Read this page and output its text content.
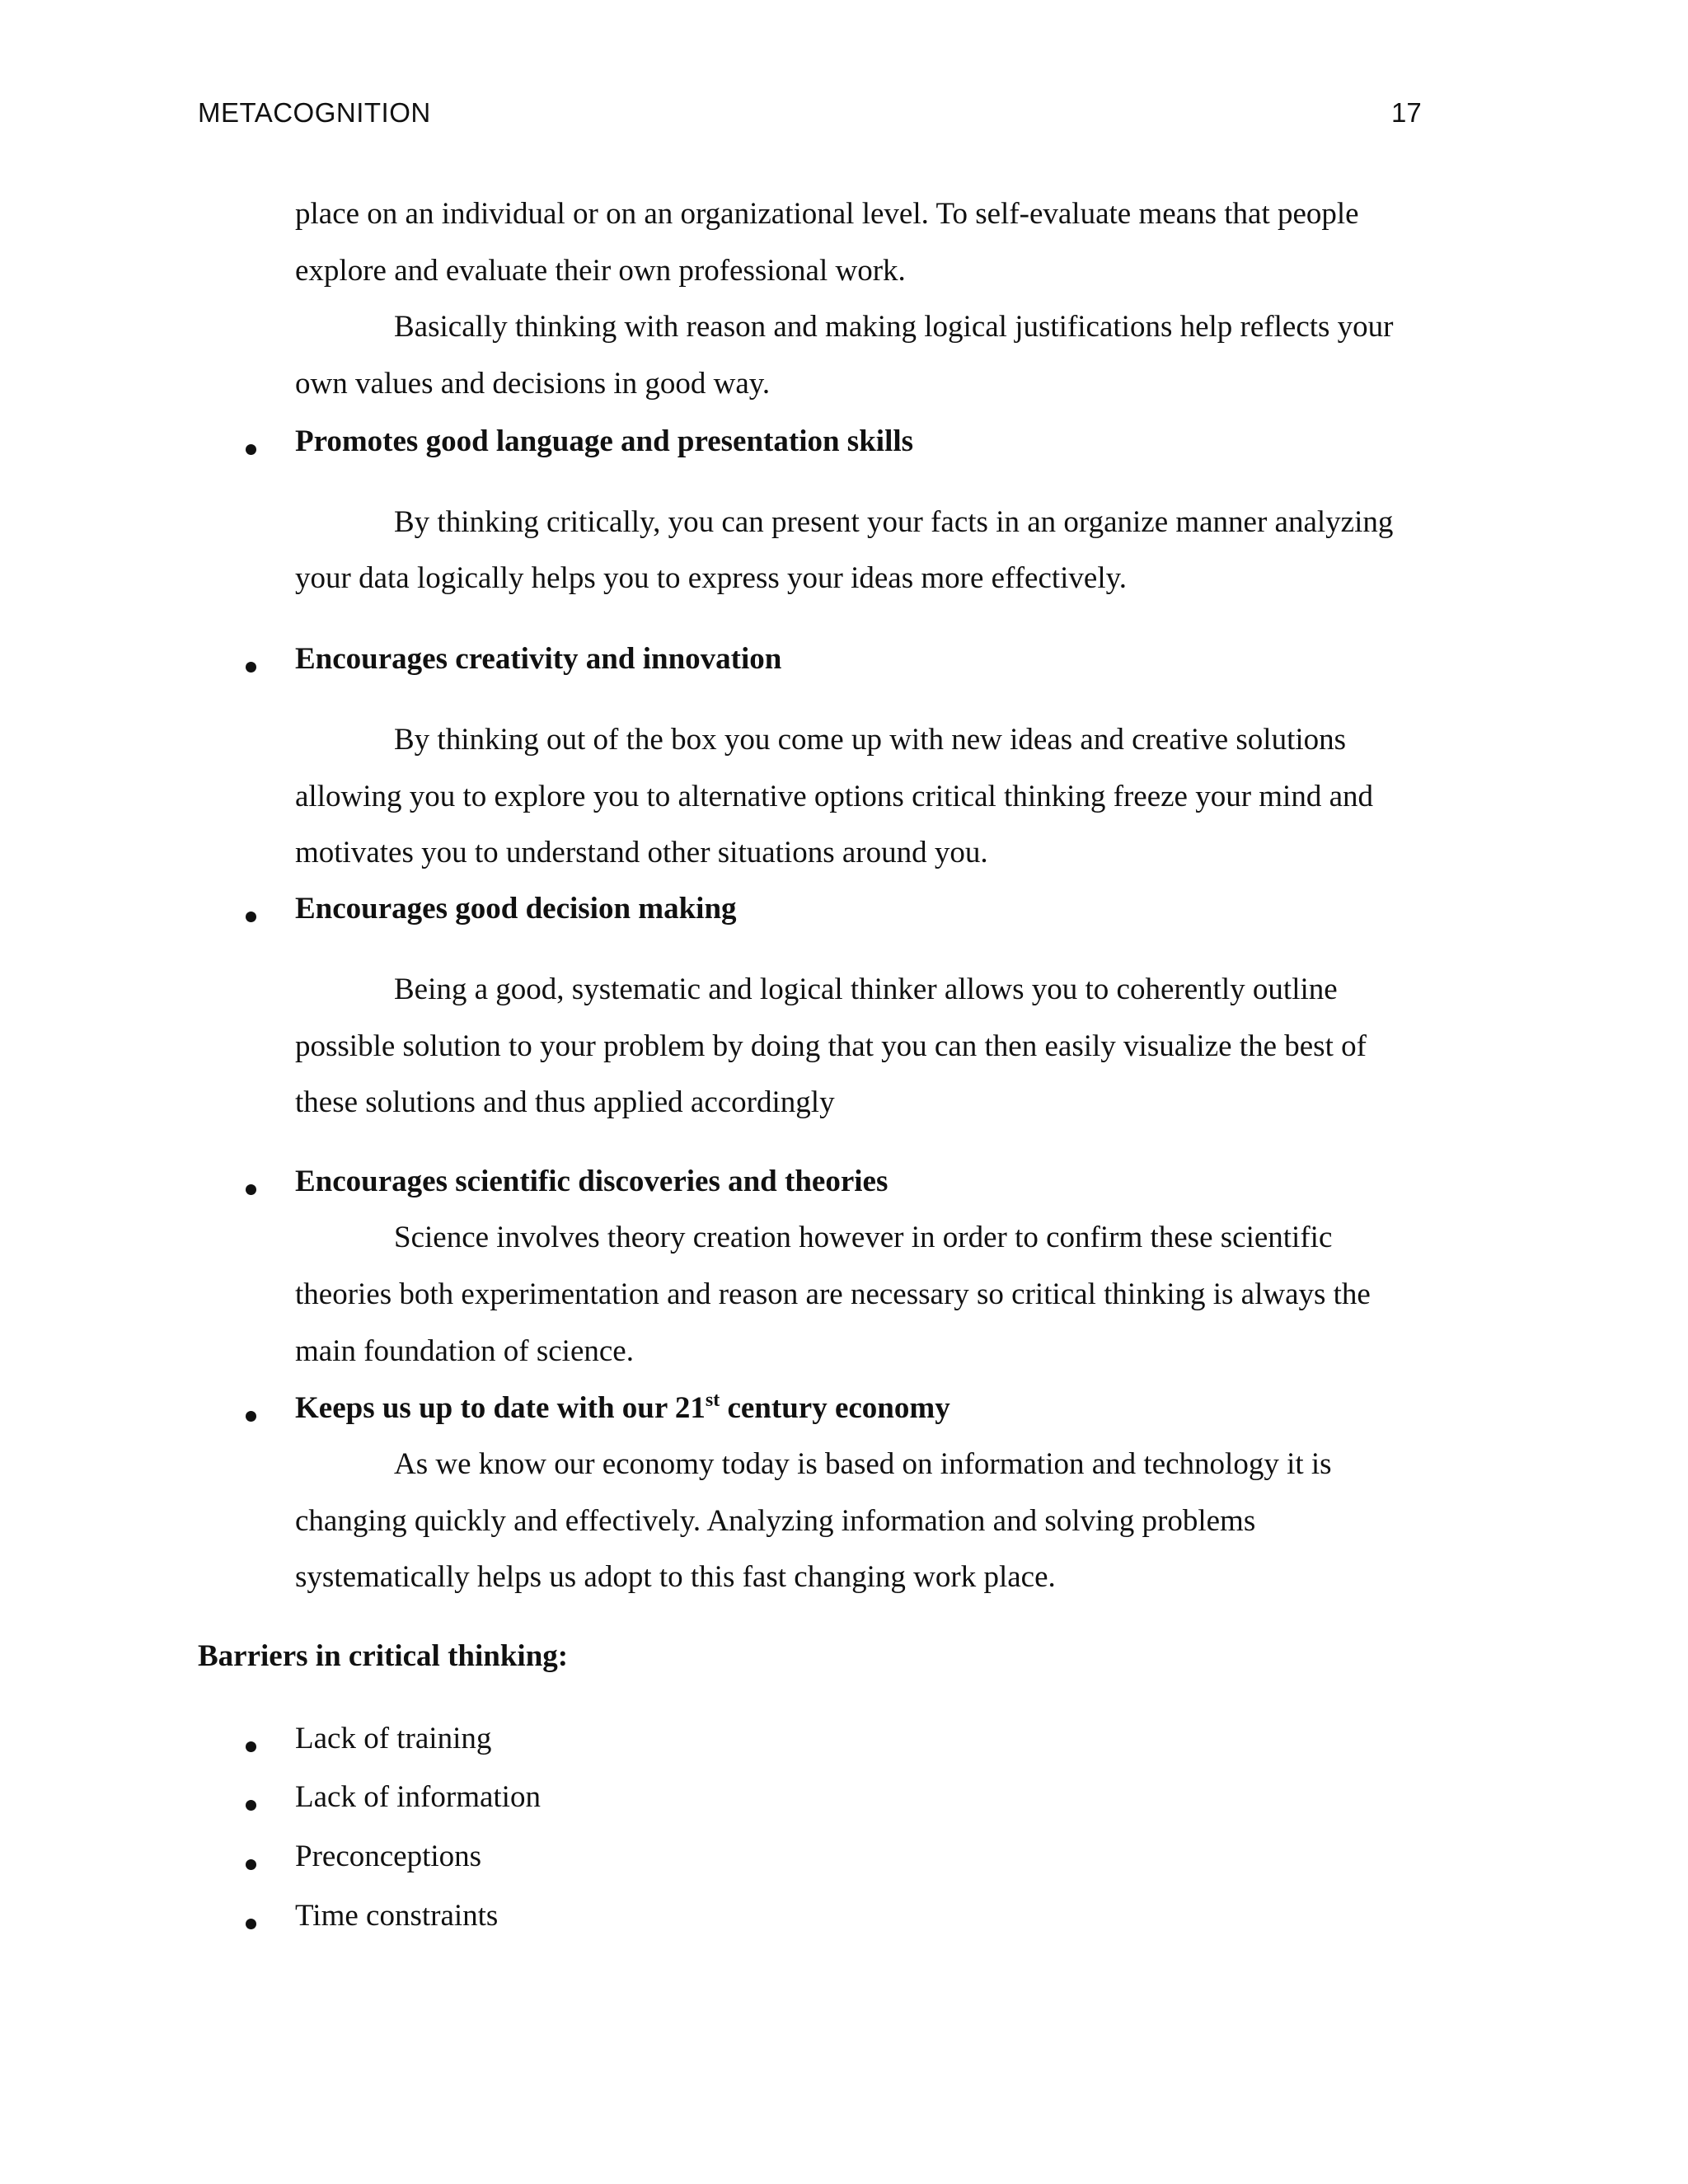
METACOGNITION	17
place on an individual or on an organizational level. To self-evaluate means that people
explore and evaluate their own professional work.
Basically thinking with reason and making logical justifications help reflects your
own values and decisions in good way.
Promotes good language and presentation skills
By thinking critically, you can present your facts in an organize manner analyzing
your data logically helps you to express your ideas more effectively.
Encourages creativity and innovation
By thinking out of the box you come up with new ideas and creative solutions
allowing you to explore you to alternative options critical thinking freeze your mind and
motivates you to understand other situations around you.
Encourages good decision making
Being a good, systematic and logical thinker allows you to coherently outline
possible solution to your problem by doing that you can then easily visualize the best of
these solutions and thus applied accordingly
Encourages scientific discoveries and theories
Science involves theory creation however in order to confirm these scientific
theories both experimentation and reason are necessary so critical thinking is always the
main foundation of science.
Keeps us up to date with our 21st century economy
As we know our economy today is based on information and technology it is
changing quickly and effectively. Analyzing information and solving problems
systematically helps us adopt to this fast changing work place.
Barriers in critical thinking:
Lack of training
Lack of information
Preconceptions
Time constraints
